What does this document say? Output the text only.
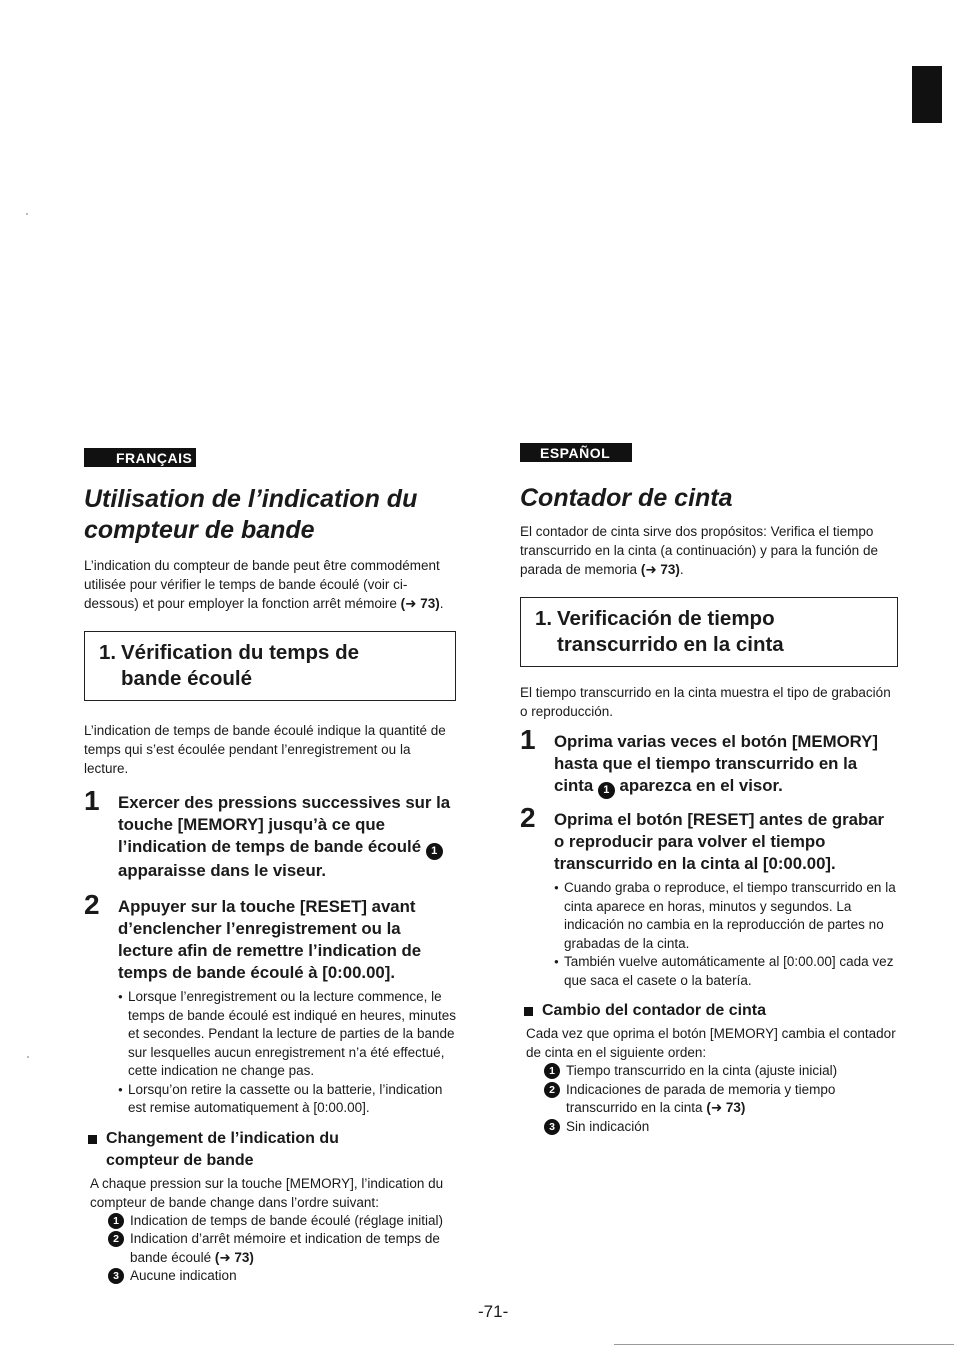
FRANÇAIS
Utilisation de l’indication du
compteur de bande

L’indication du compteur de bande peut être commodément utilisée pour vérifier le temps de bande écoulé (voir ci-dessous) et pour employer la fonction arrêt mémoire (➜ 73).

1. Vérification du temps de
bande écoulé

L’indication de temps de bande écoulé indique la quantité de temps qui s’est écoulée pendant l’enregistrement ou la lecture.

1 Exercer des pressions successives sur la touche [MEMORY] jusqu’à ce que l’indication de temps de bande écoulé 1 apparaisse dans le viseur.
2 Appuyer sur la touche [RESET] avant d’enclencher l’enregistrement ou la lecture afin de remettre l’indication de temps de bande écoulé à [0:00.00].
● Lorsque l’enregistrement ou la lecture commence, le temps de bande écoulé est indiqué en heures, minutes et secondes. Pendant la lecture de parties de la bande sur lesquelles aucun enregistrement n’a été effectué, cette indication ne change pas.
● Lorsqu’on retire la cassette ou la batterie, l’indication est remise automatiquement à [0:00.00].
Changement de l’indication du
compteur de bande

A chaque pression sur la touche [MEMORY], l’indication du compteur de bande change dans l’ordre suivant:

1 Indication de temps de bande écoulé (réglage initial)
2 Indication d’arrêt mémoire et indication de temps de bande écoulé (➜ 73)
3 Aucune indication
ESPAÑOL
Contador de cinta

El contador de cinta sirve dos propósitos: Verifica el tiempo transcurrido en la cinta (a continuación) y para la función de parada de memoria (➜ 73).

1. Verificación de tiempo
transcurrido en la cinta

El tiempo transcurrido en la cinta muestra el tipo de grabación o reproducción.

1 Oprima varias veces el botón [MEMORY] hasta que el tiempo transcurrido en la cinta 1 aparezca en el visor.
2 Oprima el botón [RESET] antes de grabar o reproducir para volver el tiempo transcurrido en la cinta al [0:00.00].
● Cuando graba o reproduce, el tiempo transcurrido en la cinta aparece en horas, minutos y segundos. La indicación no cambia en la reproducción de partes no grabadas de la cinta.
● También vuelve automáticamente al [0:00.00] cada vez que saca el casete o la batería.
Cambio del contador de cinta

Cada vez que oprima el botón [MEMORY] cambia el contador de cinta en el siguiente orden:

1 Tiempo transcurrido en la cinta (ajuste inicial)
2 Indicaciones de parada de memoria y tiempo transcurrido en la cinta (➜ 73)
3 Sin indicación
-71-
